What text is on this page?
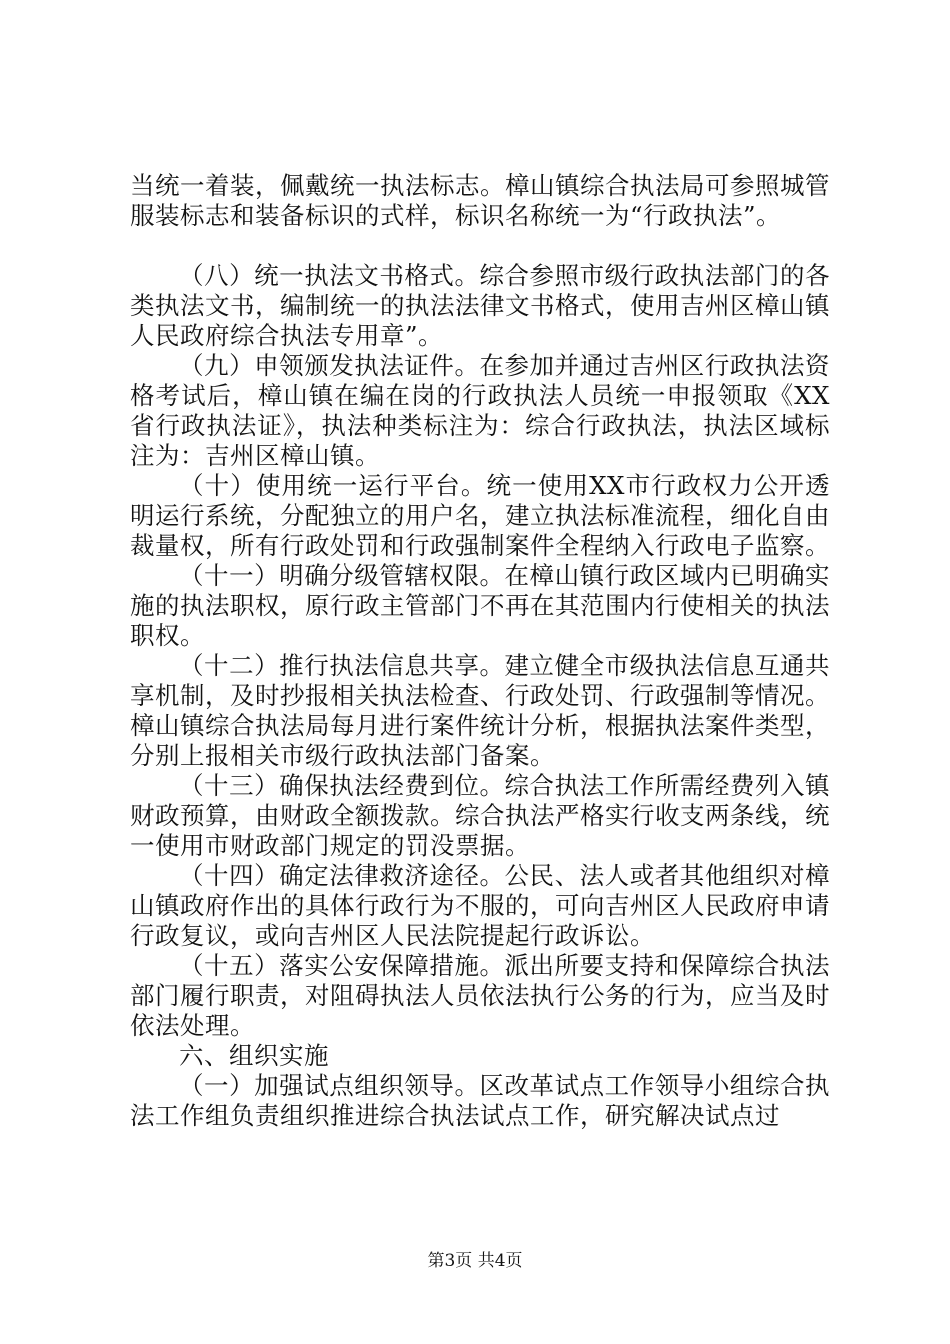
当统一着装，佩戴统一执法标志。樟山镇综合执法局可参照城管服装标志和装备标识的式样，标识名称统一为“行政执法”。

（八）统一执法文书格式。综合参照市级行政执法部门的各类执法文书，编制统一的执法法律文书格式，使用吉州区樟山镇人民政府综合执法专用章”。

（九）申领颁发执法证件。在参加并通过吉州区行政执法资格考试后，樟山镇在编在岗的行政执法人员统一申报领取《XX省行政执法证》，执法种类标注为：综合行政执法，执法区域标注为：吉州区樟山镇。

（十）使用统一运行平台。统一使用XX市行政权力公开透明运行系统，分配独立的用户名，建立执法标准流程，细化自由裁量权，所有行政处罚和行政强制案件全程纳入行政电子监察。

（十一）明确分级管辖权限。在樟山镇行政区域内已明确实施的执法职权，原行政主管部门不再在其范围内行使相关的执法职权。

（十二）推行执法信息共享。建立健全市级执法信息互通共享机制，及时抄报相关执法检查、行政处罚、行政强制等情况。樟山镇综合执法局每月进行案件统计分析，根据执法案件类型，分别上报相关市级行政执法部门备案。

（十三）确保执法经费到位。综合执法工作所需经费列入镇财政预算，由财政全额拨款。综合执法严格实行收支两条线，统一使用市财政部门规定的罚没票据。

（十四）确定法律救济途径。公民、法人或者其他组织对樟山镇政府作出的具体行政行为不服的，可向吉州区人民政府申请行政复议，或向吉州区人民法院提起行政诉讼。

（十五）落实公安保障措施。派出所要支持和保障综合执法部门履行职责，对阻碍执法人员依法执行公务的行为，应当及时依法处理。

六、组织实施

（一）加强试点组织领导。区改革试点工作领导小组综合执法工作组负责组织推进综合执法试点工作，研究解决试点过

第3页 共4页
